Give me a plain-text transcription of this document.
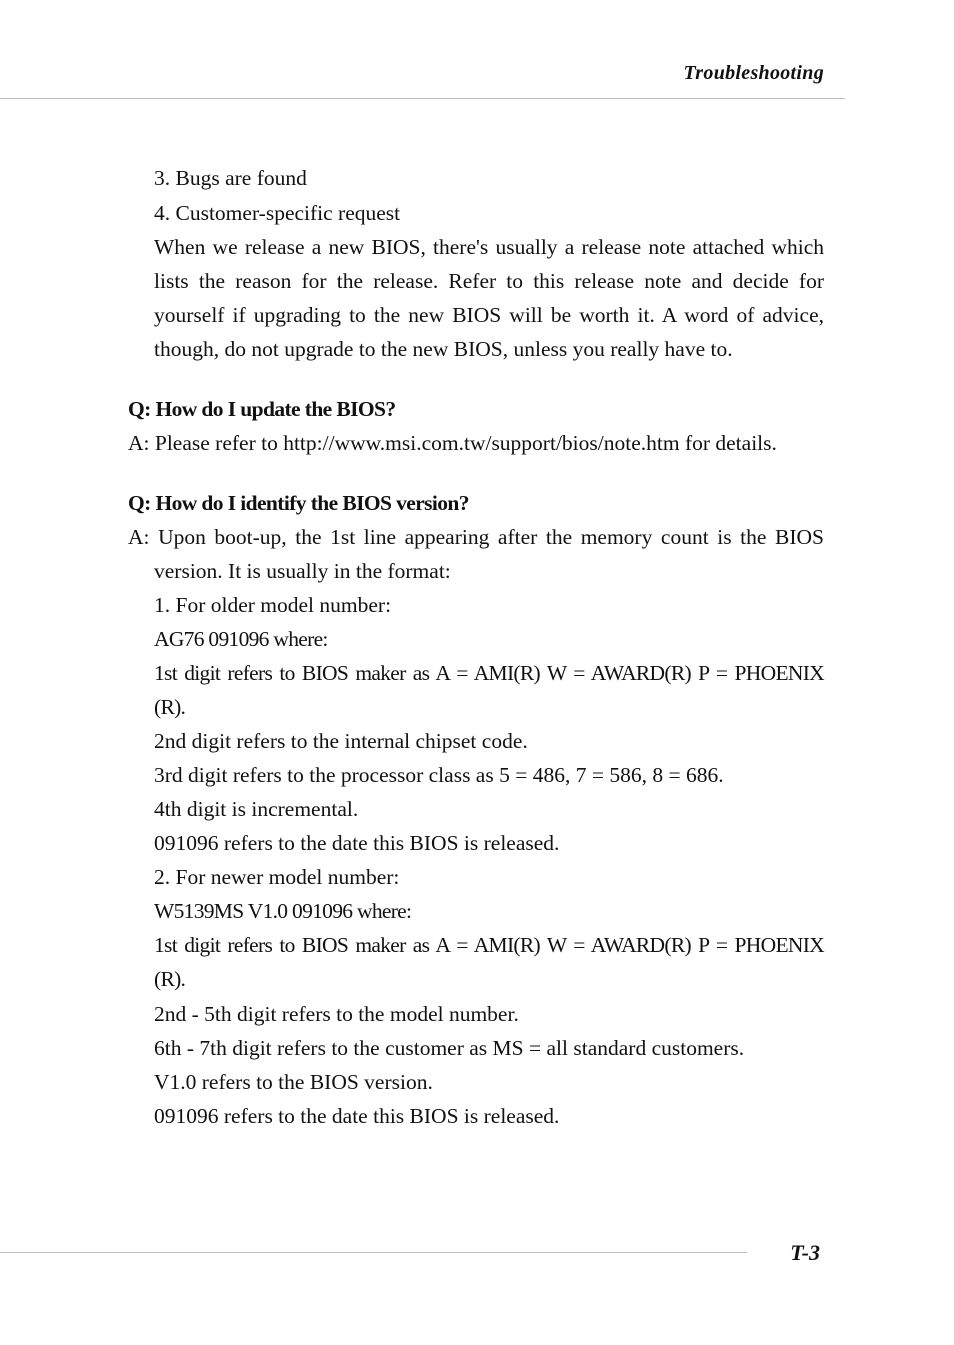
Troubleshooting
3. Bugs are found
4. Customer-specific request
When we release a new BIOS, there's usually a release note attached which
lists the reason for the release. Refer to this release note and decide for
yourself if upgrading to the new BIOS will be worth it. A word of advice,
though, do not upgrade to the new BIOS, unless you really have to.
Q: How do I update the BIOS?
A: Please refer to http://www.msi.com.tw/support/bios/note.htm for details.
Q: How do I identify the BIOS version?
A: Upon boot-up, the 1st line appearing after the memory count is the BIOS
version. It is usually in the format:
1. For older model number:
AG76 091096 where:
1st digit refers to BIOS maker as A = AMI(R) W = AWARD(R) P = PHOENIX
(R).
2nd digit refers to the internal chipset code.
3rd digit refers to the processor class as 5 = 486, 7 = 586, 8 = 686.
4th digit is incremental.
091096 refers to the date this BIOS is released.
2. For newer model number:
W5139MS V1.0 091096 where:
1st digit refers to BIOS maker as A = AMI(R) W = AWARD(R) P = PHOENIX
(R).
2nd - 5th digit refers to the model number.
6th - 7th digit refers to the customer as MS = all standard customers.
V1.0 refers to the BIOS version.
091096 refers to the date this BIOS is released.
T-3
